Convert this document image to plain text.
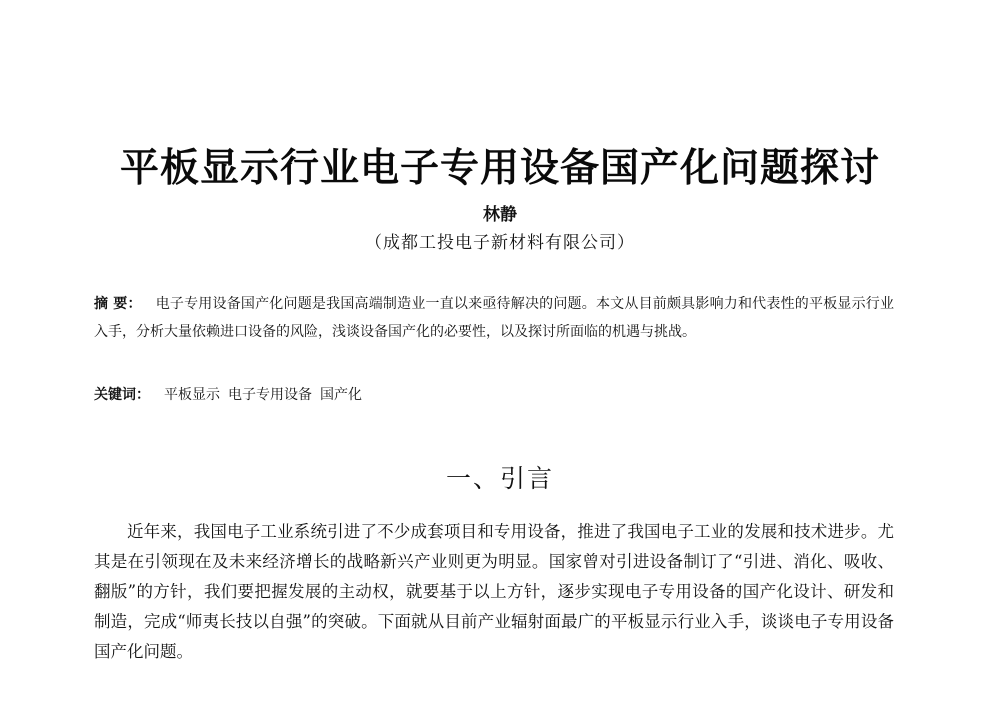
平板显示行业电子专用设备国产化问题探讨
林静
（成都工投电子新材料有限公司）
摘 要： 电子专用设备国产化问题是我国高端制造业一直以来亟待解决的问题。本文从目前颇具影响力和代表性的平板显示行业入手，分析大量依赖进口设备的风险，浅谈设备国产化的必要性，以及探讨所面临的机遇与挑战。
关键词： 平板显示 电子专用设备 国产化
一、引言

近年来，我国电子工业系统引进了不少成套项目和专用设备，推进了我国电子工业的发展和技术进步。尤其是在引领现在及未来经济增长的战略新兴产业则更为明显。国家曾对引进设备制订了“引进、消化、吸收、翻版”的方针，我们要把握发展的主动权，就要基于以上方针，逐步实现电子专用设备的国产化设计、研发和制造，完成“师夷长技以自强”的突破。下面就从目前产业辐射面最广的平板显示行业入手，谈谈电子专用设备国产化问题。
